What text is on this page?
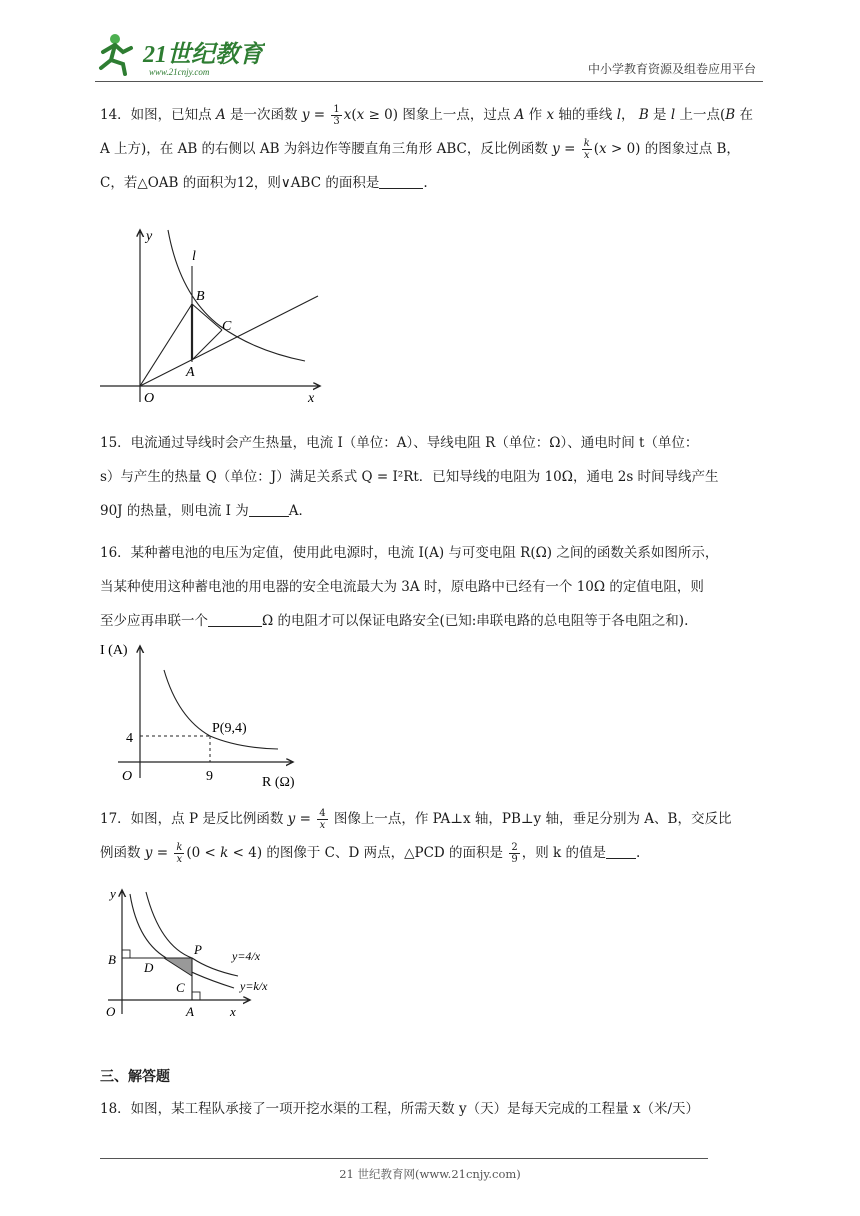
21世纪教育
www.21cnjy.com	中小学教育资源及组卷应用平台
14．如图，已知点 A 是一次函数 $y = \frac{1}{3} x(x \ge 0)$ 图象上一点，过点 A 作 x 轴的垂线 l， B 是 l 上一点(B 在
A 上方)，在 AB 的右侧以 AB 为斜边作等腰直角三角形 ABC，反比例函数 $y = \frac{k}{x} (x > 0)$ 的图象过点 B，
C，若△OAB 的面积为12，则∨ABC 的面积是	.
y
l
B
C
A
O	x
15．电流通过导线时会产生热量，电流 I（单位：A）、导线电阻 R（单位：Ω）、通电时间 t（单位：
s）与产生的热量 Q（单位：J）满足关系式 Q = I²Rt．已知导线的电阻为 10Ω，通电 2s 时间导线产生
90J 的热量，则电流 I 为	A．
16．某种蓄电池的电压为定值，使用此电源时，电流 I(A) 与可变电阻 R(Ω) 之间的函数关系如图所示，
当某种使用这种蓄电池的用电器的安全电流最大为 3A 时，原电路中已经有一个 10Ω 的定值电阻，则
至少应再串联一个	Ω 的电阻才可以保证电路安全(已知:串联电路的总电阻等于各电阻之和).
I (A)
R (Ω)
O
P(9,4)
9
4
17．如图，点 P 是反比例函数 $y = \frac{4}{x}$ 图像上一点，作 PA⊥x 轴，PB⊥y 轴，垂足分别为 A、B，交反比
例函数 $y = \frac{k}{x} (0 < k < 4)$ 的图像于 C、D 两点，△PCD 的面积是 $\frac{2}{9}$ ，则 k 的值是 .
y
x
O	A
B
C
D
P	y=4/x
y=k/x
三、解答题
18．如图，某工程队承接了一项开挖水渠的工程，所需天数 y（天）是每天完成的工程量 x（米/天）
21 世纪教育网(www.21cnjy.com)
